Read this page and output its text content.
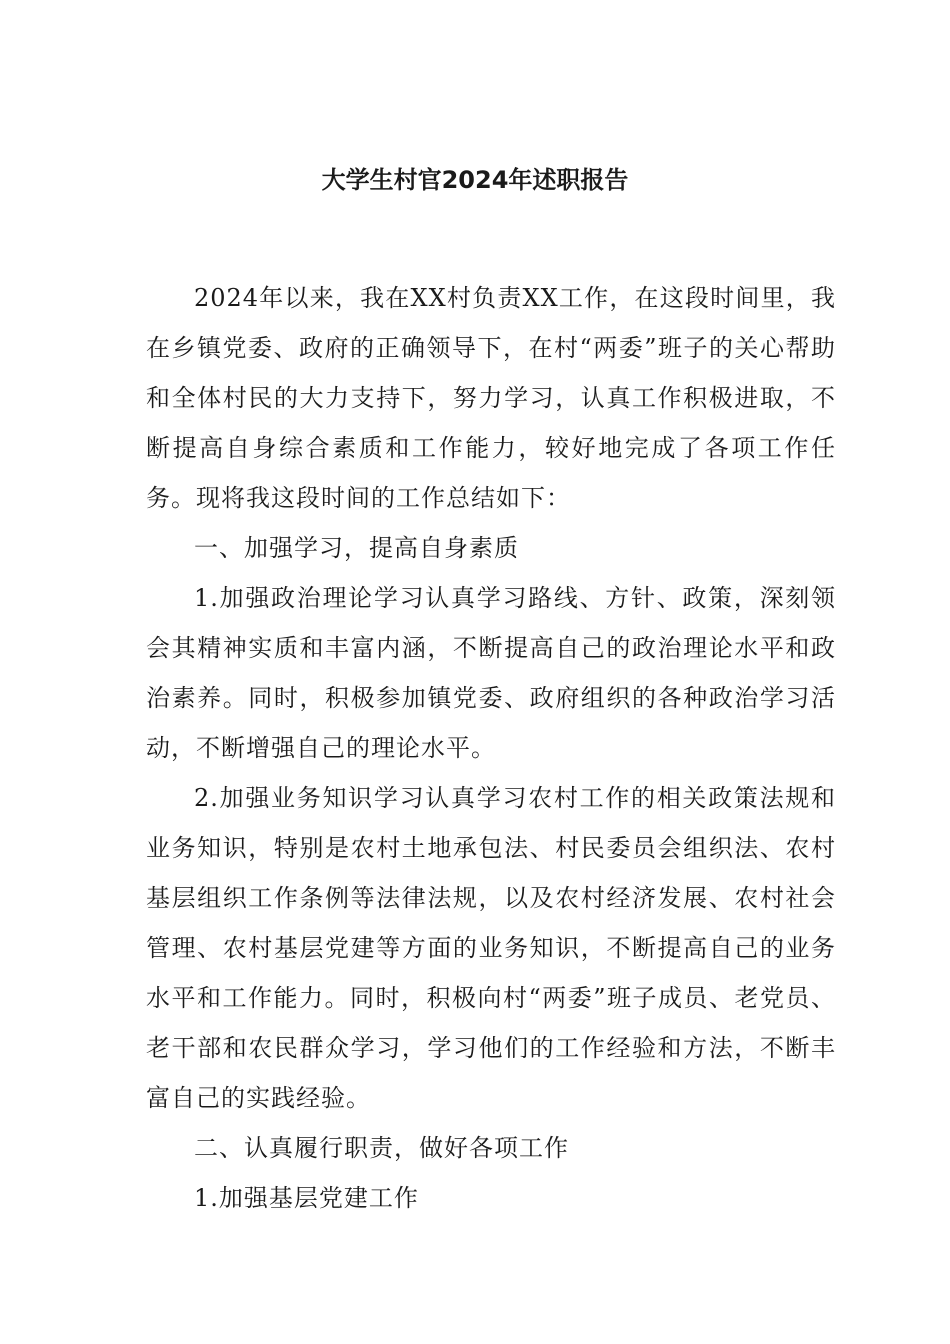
大学生村官2024年述职报告

2024年以来，我在XX村负责XX工作，在这段时间里，我在乡镇党委、政府的正确领导下，在村“两委”班子的关心帮助和全体村民的大力支持下，努力学习，认真工作积极进取，不断提高自身综合素质和工作能力，较好地完成了各项工作任务。现将我这段时间的工作总结如下：

一、加强学习，提高自身素质

1.加强政治理论学习认真学习路线、方针、政策，深刻领会其精神实质和丰富内涵，不断提高自己的政治理论水平和政治素养。同时，积极参加镇党委、政府组织的各种政治学习活动，不断增强自己的理论水平。

2.加强业务知识学习认真学习农村工作的相关政策法规和业务知识，特别是农村土地承包法、村民委员会组织法、农村基层组织工作条例等法律法规，以及农村经济发展、农村社会管理、农村基层党建等方面的业务知识，不断提高自己的业务水平和工作能力。同时，积极向村“两委”班子成员、老党员、老干部和农民群众学习，学习他们的工作经验和方法，不断丰富自己的实践经验。

二、认真履行职责，做好各项工作

1.加强基层党建工作
